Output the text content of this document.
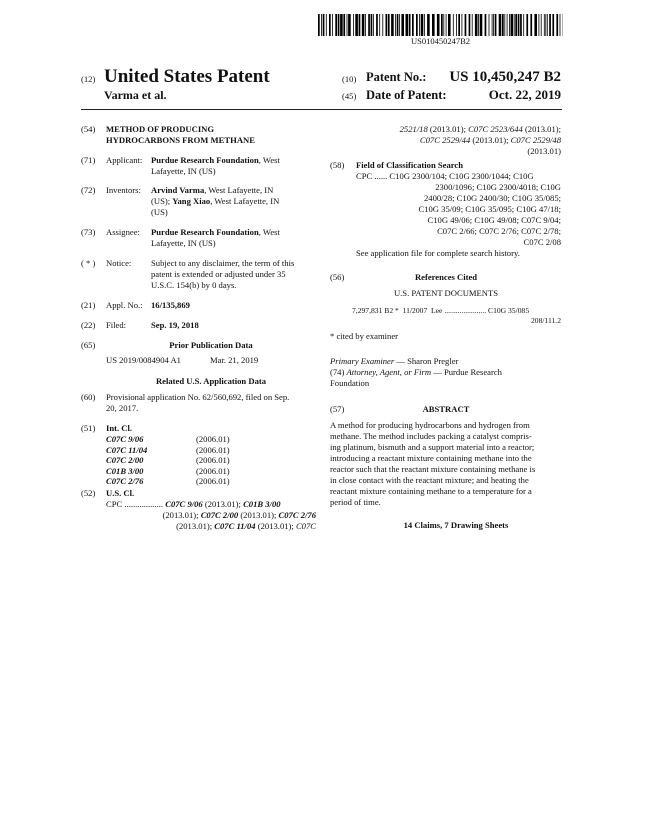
US010450247B2
(12) United States Patent
Varma et al.
(10) Patent No.:	US 10,450,247 B2
(45) Date of Patent:	Oct. 22, 2019
(54) METHOD OF PRODUCING
HYDROCARBONS FROM METHANE
(71) Applicant: Purdue Research Foundation, West
Lafayette, IN (US)
(72) Inventors: Arvind Varma, West Lafayette, IN
(US); Yang Xiao, West Lafayette, IN
(US)
(73) Assignee: Purdue Research Foundation, West
Lafayette, IN (US)
( * ) Notice: Subject to any disclaimer, the term of this
patent is extended or adjusted under 35
U.S.C. 154(b) by 0 days.
(21) Appl. No.: 16/135,869
(22) Filed:	Sep. 19, 2018
(65)	Prior Publication Data
US 2019/0084904 A1	Mar. 21, 2019
Related U.S. Application Data
(60) Provisional application No. 62/560,692, filed on Sep.
20, 2017.
(51) Int. Cl.
C07C 9/06	(2006.01)
C07C 11/04	(2006.01)
C07C 2/00	(2006.01)
C01B 3/00	(2006.01)
C07C 2/76	(2006.01)
(52) U.S. Cl.
CPC .................. C07C 9/06 (2013.01); C01B 3/00
(2013.01); C07C 2/00 (2013.01); C07C 2/76
(2013.01); C07C 11/04 (2013.01); C07C
2521/18 (2013.01); C07C 2523/644 (2013.01);
C07C 2529/44 (2013.01); C07C 2529/48
(2013.01)
(58) Field of Classification Search
CPC ...... C10G 2300/104; C10G 2300/1044; C10G
2300/1096; C10G 2300/4018; C10G
2400/28; C10G 2400/30; C10G 35/085;
C10G 35/09; C10G 35/095; C10G 47/18;
C10G 49/06; C10G 49/08; C07C 9/04;
C07C 2/66; C07C 2/76; C07C 2/78;
C07C 2/08
See application file for complete search history.
(56)	References Cited
U.S. PATENT DOCUMENTS
7,297,831 B2 * 11/2007 Lee ...................... C10G 35/085
208/111.2
* cited by examiner
Primary Examiner — Sharon Pregler
(74) Attorney, Agent, or Firm — Purdue Research
Foundation
(57)	ABSTRACT
A method for producing hydrocarbons and hydrogen from
methane. The method includes packing a catalyst compris-
ing platinum, bismuth and a support material into a reactor;
introducing a reactant mixture containing methane into the
reactor such that the reactant mixture containing methane is
in close contact with the reactant mixture; and heating the
reactant mixture containing methane to a temperature for a
period of time.
14 Claims, 7 Drawing Sheets
